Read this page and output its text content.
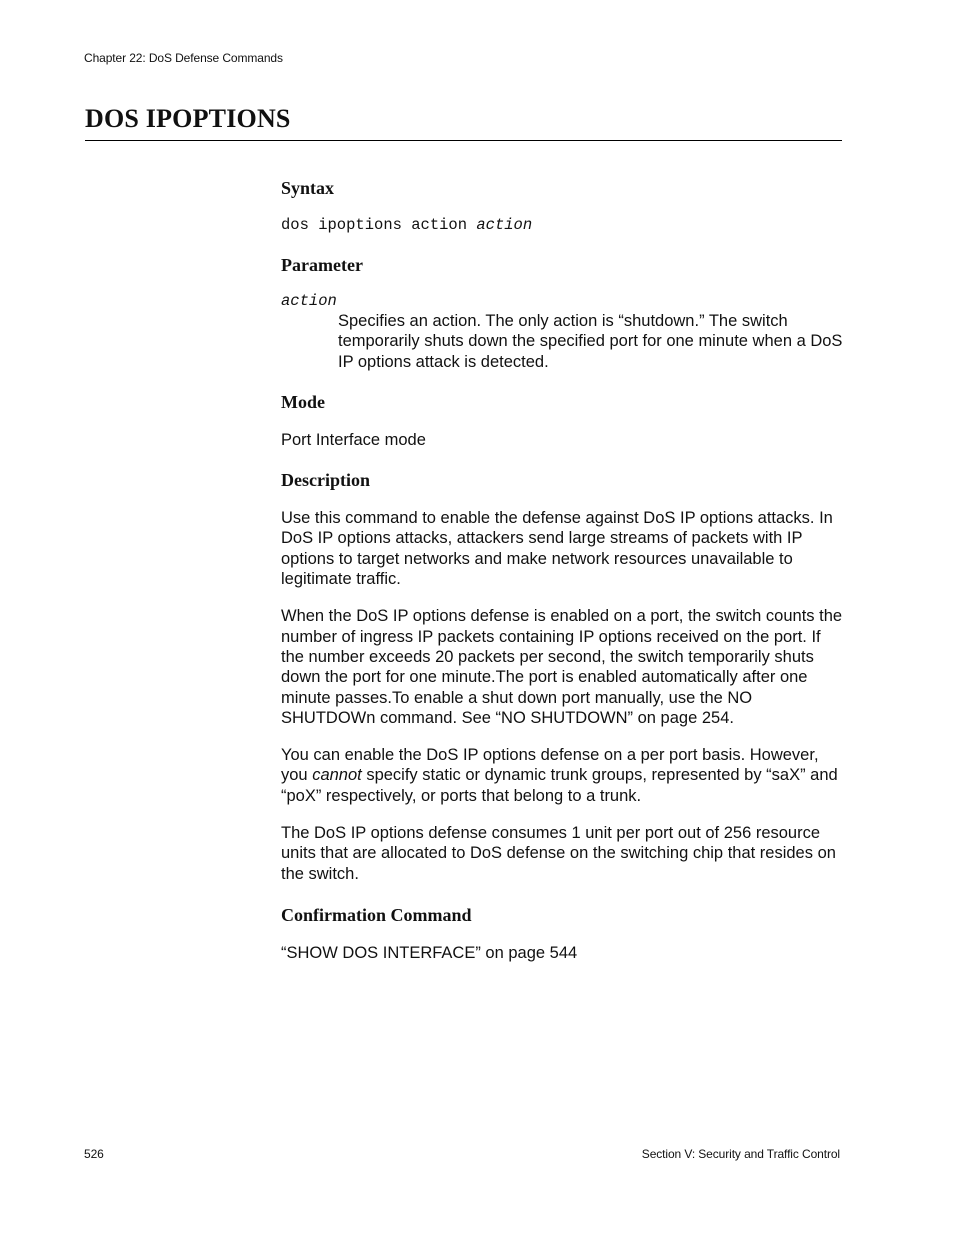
Chapter 22: DoS Defense Commands
DOS IPOPTIONS
Syntax
dos ipoptions action action
Parameter
action
Specifies an action. The only action is “shutdown.” The switch temporarily shuts down the specified port for one minute when a DoS IP options attack is detected.
Mode

Port Interface mode

Description

Use this command to enable the defense against DoS IP options attacks. In DoS IP options attacks, attackers send large streams of packets with IP options to target networks and make network resources unavailable to legitimate traffic.

When the DoS IP options defense is enabled on a port, the switch counts the number of ingress IP packets containing IP options received on the port. If the number exceeds 20 packets per second, the switch temporarily shuts down the port for one minute.The port is enabled automatically after one minute passes.To enable a shut down port manually, use the NO SHUTDOWn command. See “NO SHUTDOWN” on page 254.

You can enable the DoS IP options defense on a per port basis. However, you cannot specify static or dynamic trunk groups, represented by “saX” and “poX” respectively, or ports that belong to a trunk.

The DoS IP options defense consumes 1 unit per port out of 256 resource units that are allocated to DoS defense on the switching chip that resides on the switch.

Confirmation Command

“SHOW DOS INTERFACE” on page 544

526	Section V: Security and Traffic Control
